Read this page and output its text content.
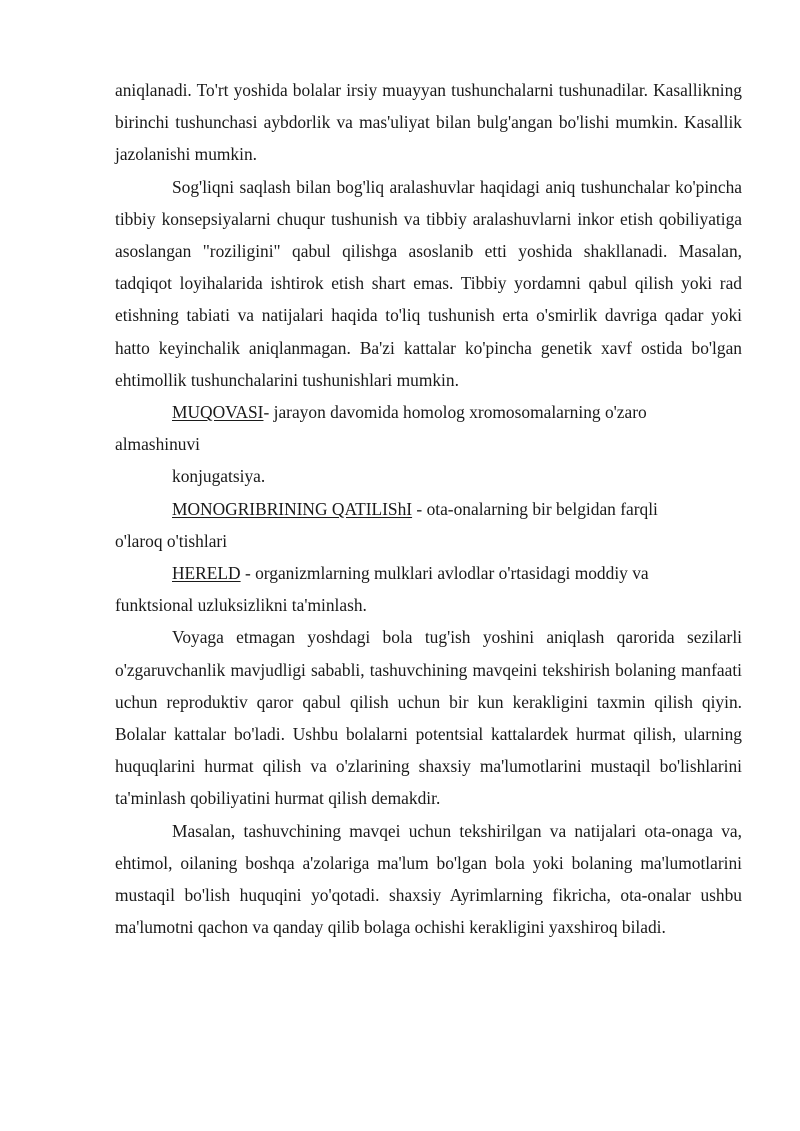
aniqlanadi. To'rt yoshida bolalar irsiy muayyan tushunchalarni tushunadilar. Kasallikning birinchi tushunchasi aybdorlik va mas'uliyat bilan bulg'angan bo'lishi mumkin. Kasallik jazolanishi mumkin.

Sog'liqni saqlash bilan bog'liq aralashuvlar haqidagi aniq tushunchalar ko'pincha tibbiy konsepsiyalarni chuqur tushunish va tibbiy aralashuvlarni inkor etish qobiliyatiga asoslangan "roziligini" qabul qilishga asoslanib etti yoshida shakllanadi. Masalan, tadqiqot loyihalarida ishtirok etish shart emas. Tibbiy yordamni qabul qilish yoki rad etishning tabiati va natijalari haqida to'liq tushunish erta o'smirlik davriga qadar yoki hatto keyinchalik aniqlanmagan. Ba'zi kattalar ko'pincha genetik xavf ostida bo'lgan ehtimollik tushunchalarini tushunishlari mumkin.

MUQOVASI- jarayon davomida homolog xromosomalarning o'zaro

almashinuvi

konjugatsiya.

MONOGRIBRINING QATILIShI - ota-onalarning bir belgidan farqli

o'laroq o'tishlari

HERELD - organizmlarning mulklari avlodlar o'rtasidagi moddiy va

funktsional uzluksizlikni ta'minlash.

Voyaga etmagan yoshdagi bola tug'ish yoshini aniqlash qarorida sezilarli o'zgaruvchanlik mavjudligi sababli, tashuvchining mavqeini tekshirish bolaning manfaati uchun reproduktiv qaror qabul qilish uchun bir kun kerakligini taxmin qilish qiyin. Bolalar kattalar bo'ladi. Ushbu bolalarni potentsial kattalardek hurmat qilish, ularning huquqlarini hurmat qilish va o'zlarining shaxsiy ma'lumotlarini mustaqil bo'lishlarini ta'minlash qobiliyatini hurmat qilish demakdir.

Masalan, tashuvchining mavqei uchun tekshirilgan va natijalari ota-onaga va, ehtimol, oilaning boshqa a'zolariga ma'lum bo'lgan bola yoki bolaning ma'lumotlarini mustaqil bo'lish huquqini yo'qotadi. shaxsiy Ayrimlarning fikricha, ota-onalar ushbu ma'lumotni qachon va qanday qilib bolaga ochishi kerakligini yaxshiroq biladi.
